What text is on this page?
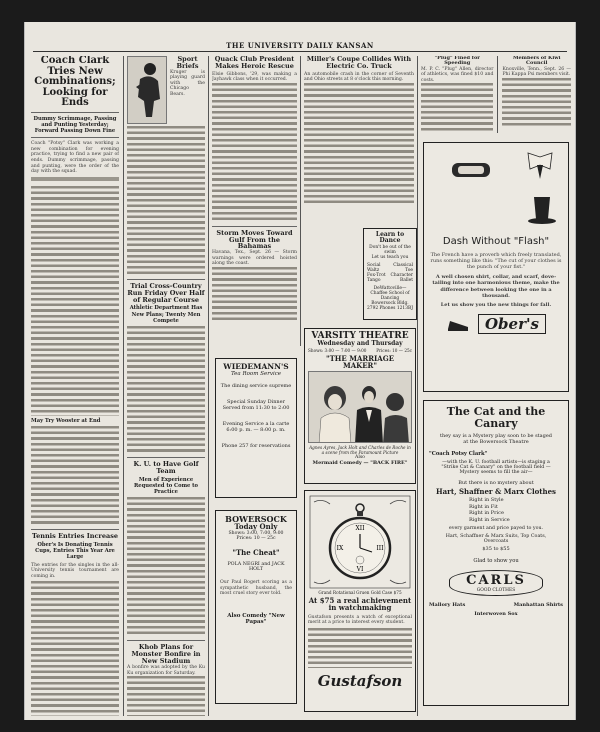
THE UNIVERSITY DAILY KANSAN
Coach Clark Tries New Combinations; Looking for Ends
Dummy Scrimmage, Passing and Punting Yesterday; Forward Passing Down Fine
Coach "Potsy" Clark was working a new combination for evening practice, trying to find a new pair of ends. Dummy scrimmage, passing and punting, were the order of the day with the squad.
May Try Wooster at End
Tennis Entries Increase
Ober's Is Donating Tennis Cups, Entries This Year Are Large
The entries for the singles in the all-University tennis tournament are coming in.
Sport Briefs
Kruger is playing guard with the Chicago Bears.
Trial Cross-Country Run Friday Over Half of Regular Course
Athletic Department Has New Plans; Twenty Men Compete
K. U. to Have Golf Team
Men of Experience Requested to Come to Practice
Khob Plans for Monster Bonfire in New Stadium
A bonfire was adopted by the Ku Ku organization for Saturday.
Quack Club President Makes Heroic Rescue
Elsie Gibbons, '29, was making a Jayhawk class when it occurred.
Storm Moves Toward Gulf From the Bahamas
Havana, Tex., Sept. 26 — Storm warnings were ordered hoisted along the coast.
WIEDEMANN'S
Tea Room Service
The dining service supreme
Special Sunday Dinner
Served from 11:30 to 2:00
Evening Service a la carte
6:00 p. m. — 8:00 p. m.
Phone 257 for reservations
BOWERSOCK
Today Only
Shows: 3:00, 7:00, 9:00
Prices: 10 — 25c
"The Cheat"
POLA NEGRI and JACK HOLT
Our Paul Bogert scoring as a sympathetic husband, the most cruel story ever told.
Also Comedy "New Papas"
Miller's Coupe Collides With Electric Co. Truck
An automobile crash in the corner of Seventh and Ohio streets at 8 o'clock this morning.
Learn to Dance
Don't be out of the swim
Let us teach you
Social
Waltz
Fox-Trot
Tango
Classical
Toe
Character
Ballet
DeWattoville—Chaffee School of Dancing
Bowersock Bldg.
2792 Phones 1213BJ
VARSITY THEATRE
Wednesday and Thursday
Shows: 3:00 — 7:00 — 9:00 Prices: 10 — 25c
"THE MARRIAGE MAKER"
Agnes Ayres, Jack Holt and Charles de Roche in a scene from the Paramount Picture
Also
Mermaid Comedy — "BACK FIRE"
XII
III
VI
IX
Grand Rotational Gruen Gold Case $75
At $75 a real achievement in watchmaking
Gustafson presents a watch of exceptional merit at a price to interest every student.
Gustafson
"Plug" Fined for Speeding
M. P. C. "Plug" Allen, director of athletics, was fined $10 and costs.
Members of Kiwi Council
Knoxville, Tenn., Sept. 26 — Phi Kappa Psi members visit.
Dash Without "Flash"
The French have a proverb which freely translated, runs something like this: "The cut of your clothes is the punch of your fist."
A well chosen shirt, collar, and scarf, dove-tailing into one harmonious theme, make the difference between looking the one in a thousand.
Let us show you the new things for fall.
Ober's
The Cat and the Canary
they say is a Mystery play soon to be staged at the Bowersock Theatre
"Coach Potsy Clark"
—with the K. U. football artists—is staging a "Strike Cat & Canary" on the football field — Mystery seems to fill the air—
But there is no mystery about
Hart, Shaffner & Marx Clothes
Right in Style
Right in Fit
Right in Price
Right in Service
every garment and price payed to you.
Hart, Schaffner & Marx Suits, Top Coats, Overcoats
$35 to $55
Glad to show you
CARLS
GOOD CLOTHES
Mallory Hats	Manhattan Shirts
Interwoven Sox
